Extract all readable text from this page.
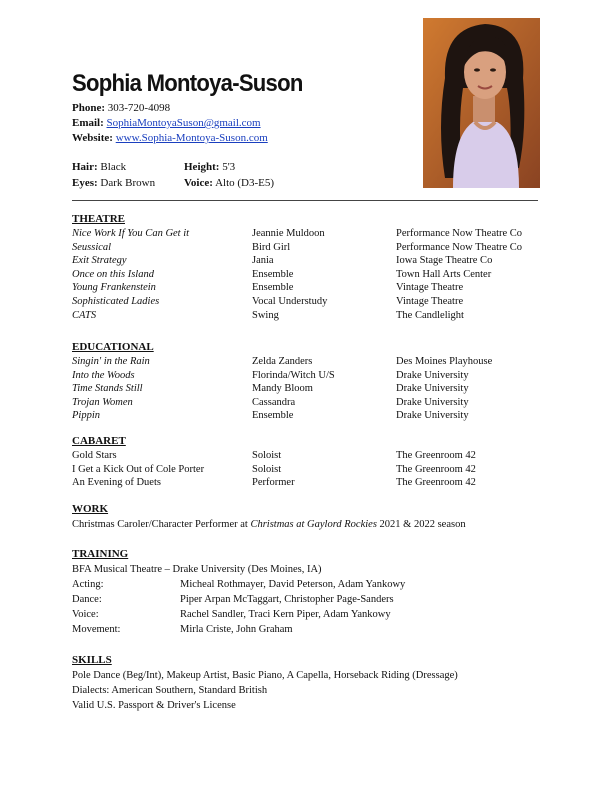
Sophia Montoya-Suson
Phone: 303-720-4098
Email: SophiaMontoyaSuson@gmail.com
Website: www.Sophia-Montoya-Suson.com
Hair: Black
Eyes: Dark Brown
Height: 5'3
Voice: Alto (D3-E5)
THEATRE
Nice Work If You Can Get it	Jeannie Muldoon	Performance Now Theatre Co
Seussical	Bird Girl	Performance Now Theatre Co
Exit Strategy	Jania	Iowa Stage Theatre Co
Once on this Island	Ensemble	Town Hall Arts Center
Young Frankenstein	Ensemble	Vintage Theatre
Sophisticated Ladies	Vocal Understudy	Vintage Theatre
CATS	Swing	The Candlelight
EDUCATIONAL
Singin' in the Rain	Zelda Zanders	Des Moines Playhouse
Into the Woods	Florinda/Witch U/S	Drake University
Time Stands Still	Mandy Bloom	Drake University
Trojan Women	Cassandra	Drake University
Pippin	Ensemble	Drake University
CABARET
Gold Stars	Soloist	The Greenroom 42
I Get a Kick Out of Cole Porter	Soloist	The Greenroom 42
An Evening of Duets	Performer	The Greenroom 42
WORK
Christmas Caroler/Character Performer at Christmas at Gaylord Rockies 2021 & 2022 season
TRAINING
BFA Musical Theatre – Drake University (Des Moines, IA)
Acting:	Micheal Rothmayer, David Peterson, Adam Yankowy
Dance:	Piper Arpan McTaggart, Christopher Page-Sanders
Voice:	Rachel Sandler, Traci Kern Piper, Adam Yankowy
Movement:	Mirla Criste, John Graham
SKILLS
Pole Dance (Beg/Int), Makeup Artist, Basic Piano, A Capella, Horseback Riding (Dressage)
Dialects: American Southern, Standard British
Valid U.S. Passport & Driver's License
